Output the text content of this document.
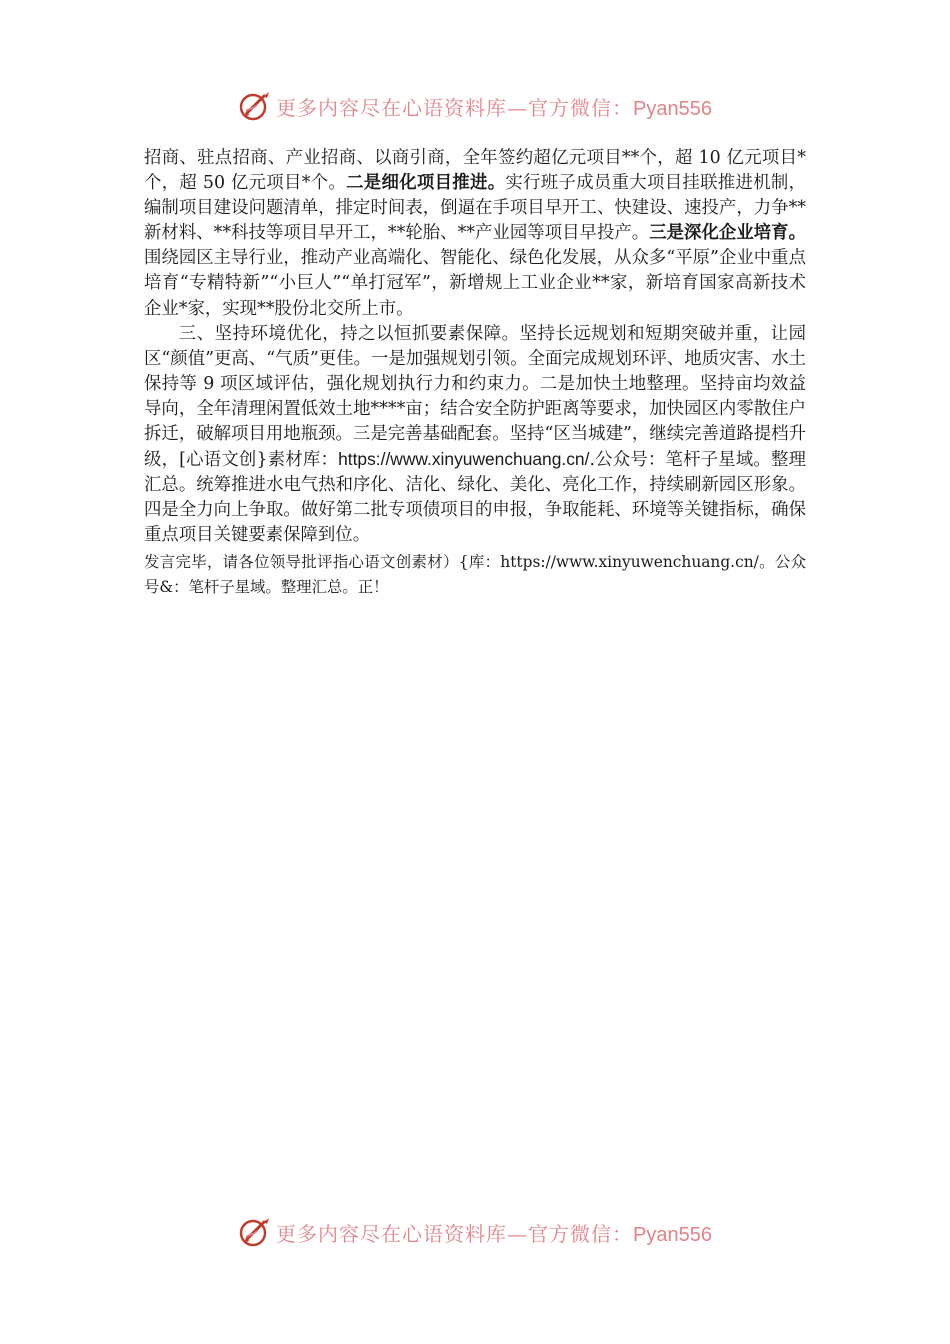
更多内容尽在心语资料库—官方微信：Pyan556

招商、驻点招商、产业招商、以商引商，全年签约超亿元项目**个，超 10 亿元项目*个，超 50 亿元项目*个。二是细化项目推进。实行班子成员重大项目挂联推进机制，编制项目建设问题清单，排定时间表，倒逼在手项目早开工、快建设、速投产，力争**新材料、**科技等项目早开工，**轮胎、**产业园等项目早投产。三是深化企业培育。围绕园区主导行业，推动产业高端化、智能化、绿色化发展，从众多“平原”企业中重点培育“专精特新”“小巨人”“单打冠军”，新增规上工业企业**家，新培育国家高新技术企业*家，实现**股份北交所上市。

三、坚持环境优化，持之以恒抓要素保障。坚持长远规划和短期突破并重，让园区“颜值”更高、“气质”更佳。一是加强规划引领。全面完成规划环评、地质灾害、水土保持等 9 项区域评估，强化规划执行力和约束力。二是加快土地整理。坚持亩均效益导向，全年清理闲置低效土地****亩；结合安全防护距离等要求，加快园区内零散住户拆迁，破解项目用地瓶颈。三是完善基础配套。坚持“区当城建”，继续完善道路提档升级，[心语文创}素材库：https://www.xinyuwenchuang.cn/.公众号：笔杆子星域。整理汇总。统筹推进水电气热和序化、洁化、绿化、美化、亮化工作，持续刷新园区形象。四是全力向上争取。做好第二批专项债项目的申报，争取能耗、环境等关键指标，确保重点项目关键要素保障到位。

发言完毕，请各位领导批评指心语文创素材）{库：https://www.xinyuwenchuang.cn/。公众号&：笔杆子星域。整理汇总。正！

更多内容尽在心语资料库—官方微信：Pyan556
